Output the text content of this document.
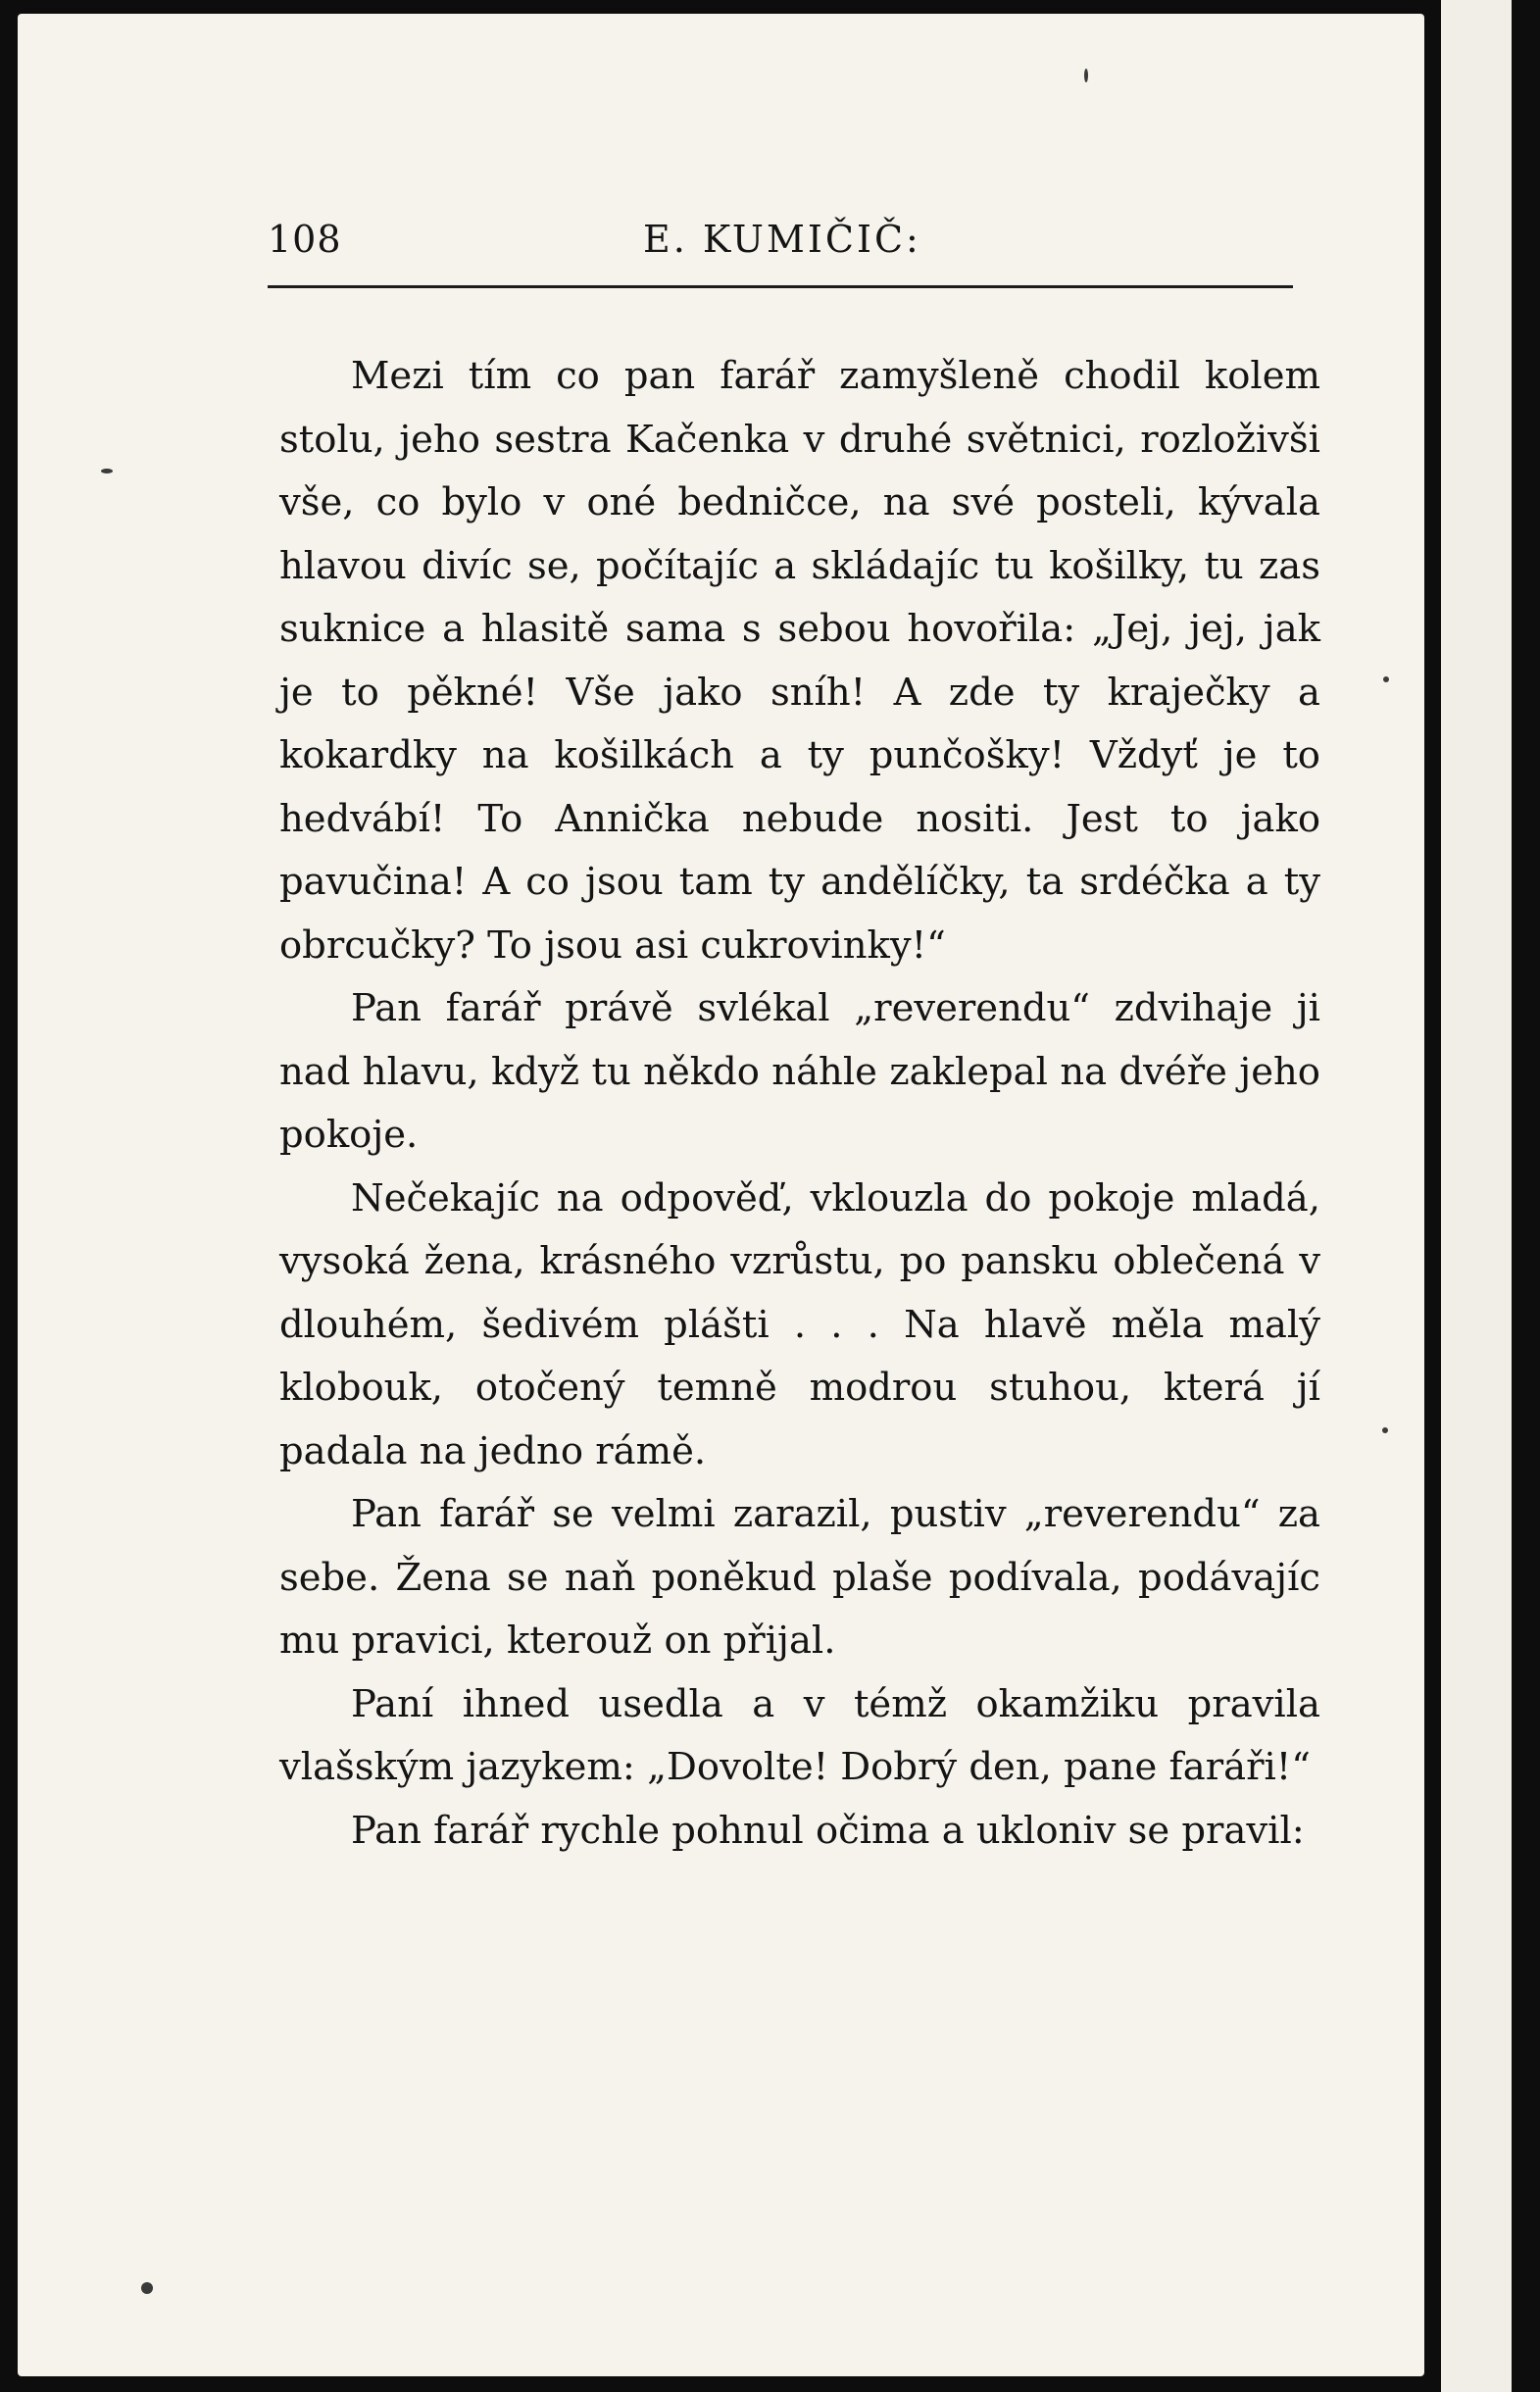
108	E. KUMIČIČ:

Mezi tím co pan farář zamyšleně chodil kolem stolu, jeho sestra Kačenka v druhé světnici, rozloživši vše, co bylo v oné bedničce, na své posteli, kývala hlavou divíc se, počítajíc a skládajíc tu košilky, tu zas suknice a hlasitě sama s sebou hovořila: „Jej, jej, jak je to pěkné! Vše jako sníh! A zde ty kraječky a kokardky na košilkách a ty punčošky! Vždyť je to hedvábí! To Annička nebude nositi. Jest to jako pavučina! A co jsou tam ty andělíčky, ta srdéčka a ty obrcučky? To jsou asi cukrovinky!“

Pan farář právě svlékal „reverendu“ zdvihaje ji nad hlavu, když tu někdo náhle zaklepal na dvéře jeho pokoje.

Nečekajíc na odpověď, vklouzla do pokoje mladá, vysoká žena, krásného vzrůstu, po pansku oblečená v dlouhém, šedivém plášti . . . Na hlavě měla malý klobouk, otočený temně modrou stuhou, která jí padala na jedno rámě.

Pan farář se velmi zarazil, pustiv „reverendu“ za sebe. Žena se naň poněkud plaše podívala, podávajíc mu pravici, kterouž on přijal.

Paní ihned usedla a v témž okamžiku pravila vlašským jazykem: „Dovolte! Dobrý den, pane faráři!“

Pan farář rychle pohnul očima a ukloniv se pravil:
